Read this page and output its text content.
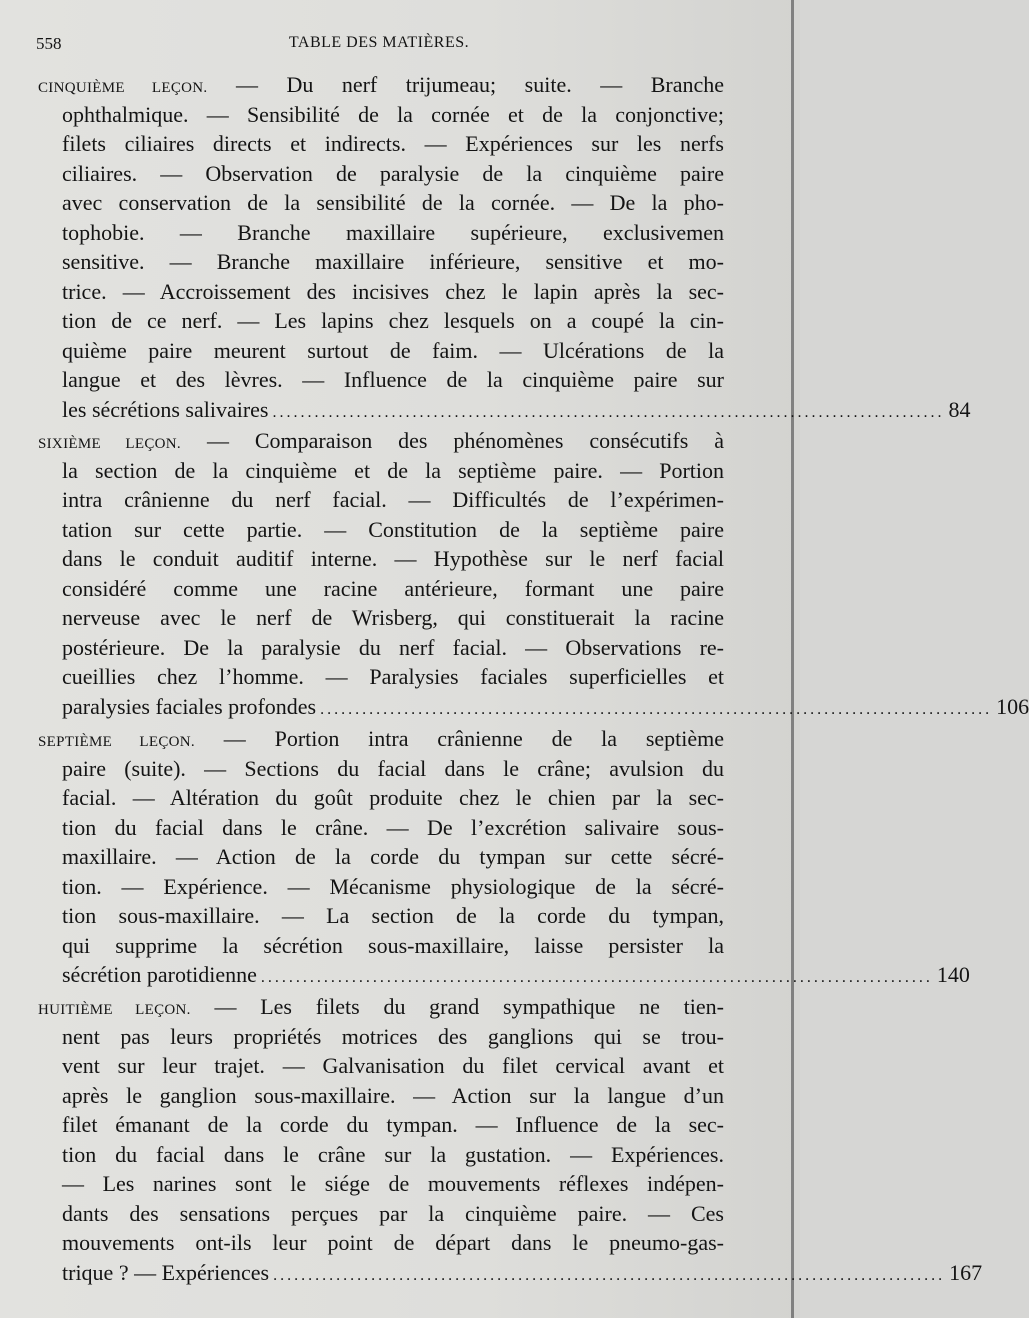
558	TABLE DES MATIÈRES.
CINQUIÈME LEÇON. — Du nerf trijumeau; suite. — Branche
ophthalmique. — Sensibilité de la cornée et de la conjonctive;
filets ciliaires directs et indirects. — Expériences sur les nerfs
ciliaires. — Observation de paralysie de la cinquième paire
avec conservation de la sensibilité de la cornée. — De la pho-
tophobie. — Branche maxillaire supérieure, exclusivemen
sensitive. — Branche maxillaire inférieure, sensitive et mo-
trice. — Accroissement des incisives chez le lapin après la sec-
tion de ce nerf. — Les lapins chez lesquels on a coupé la cin-
quième paire meurent surtout de faim. — Ulcérations de la
langue et des lèvres. — Influence de la cinquième paire sur
les sécrétions salivaires ................................................................................................ 84
SIXIÈME LEÇON. — Comparaison des phénomènes consécutifs à
la section de la cinquième et de la septième paire. — Portion
intra crânienne du nerf facial. — Difficultés de l’expérimen-
tation sur cette partie. — Constitution de la septième paire
dans le conduit auditif interne. — Hypothèse sur le nerf facial
considéré comme une racine antérieure, formant une paire
nerveuse avec le nerf de Wrisberg, qui constituerait la racine
postérieure. De la paralysie du nerf facial. — Observations re-
cueillies chez l’homme. — Paralysies faciales superficielles et
paralysies faciales profondes ................................................................................................ 106
SEPTIÈME LEÇON. — Portion intra crânienne de la septième
paire (suite). — Sections du facial dans le crâne; avulsion du
facial. — Altération du goût produite chez le chien par la sec-
tion du facial dans le crâne. — De l’excrétion salivaire sous-
maxillaire. — Action de la corde du tympan sur cette sécré-
tion. — Expérience. — Mécanisme physiologique de la sécré-
tion sous-maxillaire. — La section de la corde du tympan,
qui supprime la sécrétion sous-maxillaire, laisse persister la
sécrétion parotidienne ................................................................................................ 140
HUITIÈME LEÇON. — Les filets du grand sympathique ne tien-
nent pas leurs propriétés motrices des ganglions qui se trou-
vent sur leur trajet. — Galvanisation du filet cervical avant et
après le ganglion sous-maxillaire. — Action sur la langue d’un
filet émanant de la corde du tympan. — Influence de la sec-
tion du facial dans le crâne sur la gustation. — Expériences.
— Les narines sont le siége de mouvements réflexes indépen-
dants des sensations perçues par la cinquième paire. — Ces
mouvements ont-ils leur point de départ dans le pneumo-gas-
trique ? — Expériences ................................................................................................ 167
